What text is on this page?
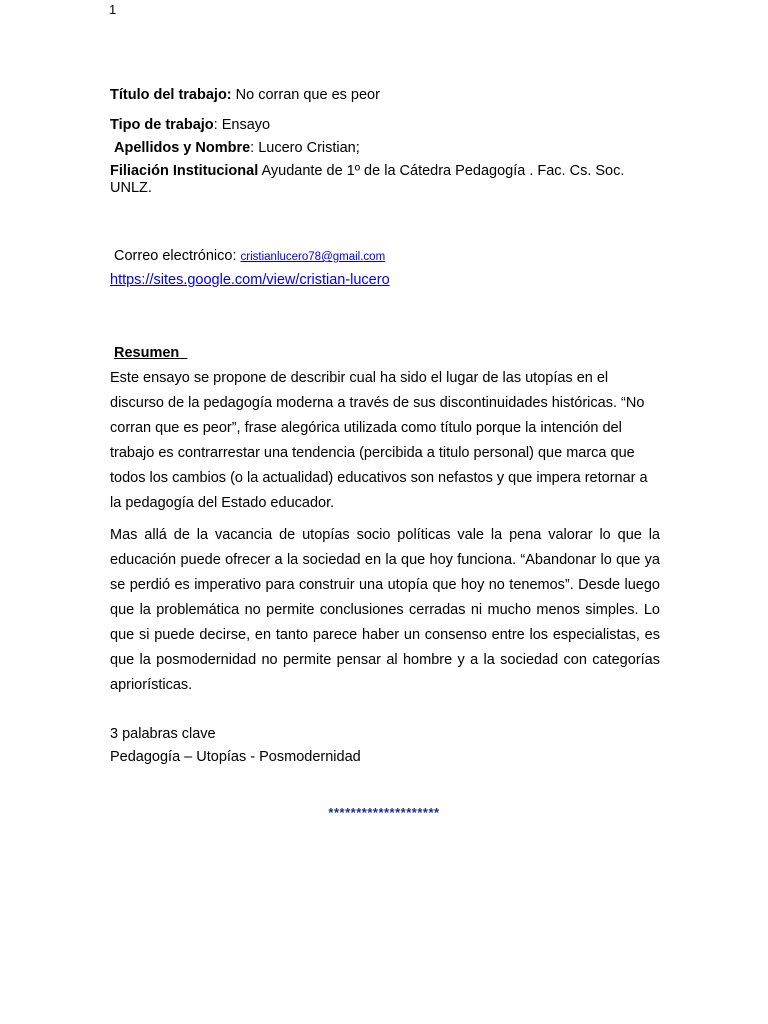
1
Título del trabajo: No corran que es peor
Tipo de trabajo: Ensayo
Apellidos y Nombre: Lucero Cristian;
Filiación Institucional Ayudante de 1º de la Cátedra Pedagogía . Fac. Cs. Soc. UNLZ.
Correo electrónico: cristianlucero78@gmail.com
https://sites.google.com/view/cristian-lucero
Resumen
Este ensayo se propone de describir cual ha sido el lugar de las utopías en el discurso de la pedagogía moderna a través de sus discontinuidades históricas. “No corran que es peor”, frase alegórica utilizada como título porque la intención del trabajo es contrarrestar una tendencia (percibida a titulo personal) que marca que todos los cambios (o la actualidad) educativos son nefastos y que impera retornar a la pedagogía del Estado educador.
Mas allá de la vacancia de utopías socio políticas vale la pena valorar lo que la educación puede ofrecer a la sociedad en la que hoy funciona. “Abandonar lo que ya se perdió es imperativo para construir una utopía que hoy no tenemos”. Desde luego que la problemática no permite conclusiones cerradas ni mucho menos simples. Lo que si puede decirse, en tanto parece haber un consenso entre los especialistas, es que la posmodernidad no permite pensar al hombre y a la sociedad con categorías apriorísticas.
3 palabras clave
Pedagogía – Utopías - Posmodernidad
********************
